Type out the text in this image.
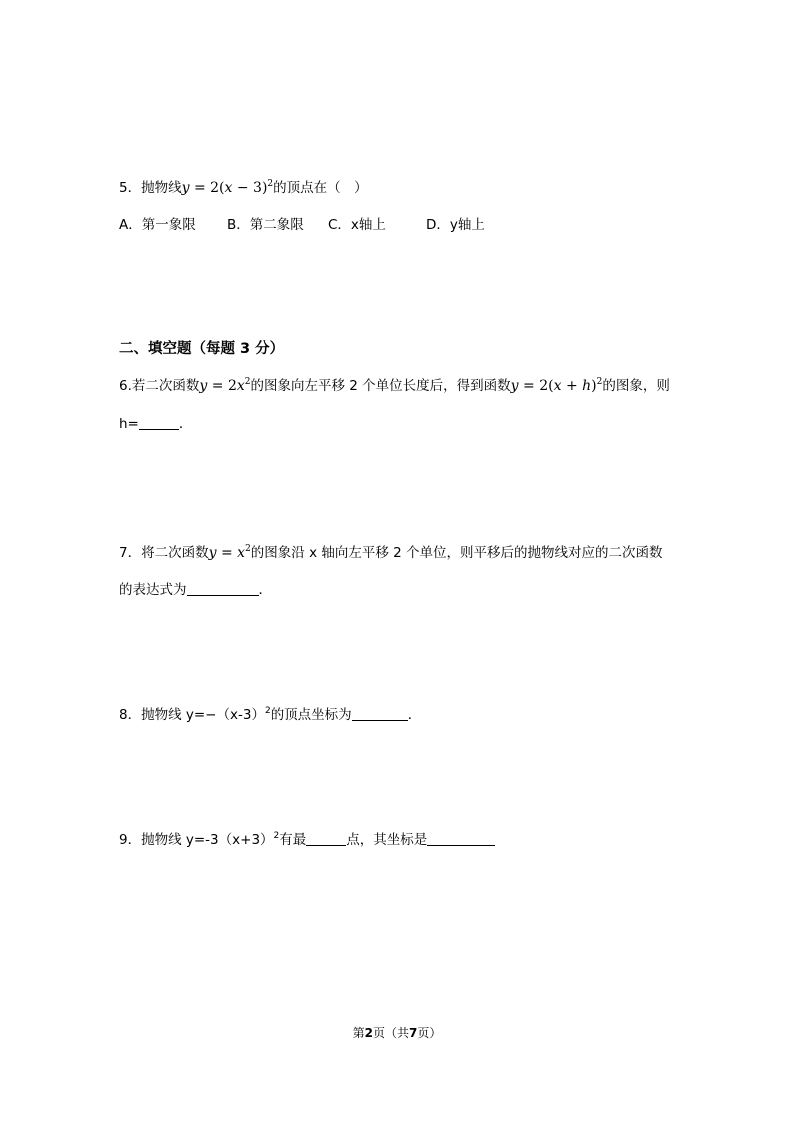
5．抛物线$y = 2(x - 3)^2$的顶点在（　）
A．第一象限 B．第二象限 C．x轴上	D．y轴上
二、填空题（每题 3 分）
6.若二次函数$y = 2x^2$的图象向左平移 2 个单位长度后，得到函数$y = 2(x + h)^2$的图象，则
h=	．
7．将二次函数$y = x^2$的图象沿 x 轴向左平移 2 个单位，则平移后的抛物线对应的二次函数
的表达式为	．
8．抛物线 $y=-(x-3)^2$的顶点坐标为	．
9．抛物线 $y=-3(x+3)^2$有最	点，其坐标是
第2页（共7页）
